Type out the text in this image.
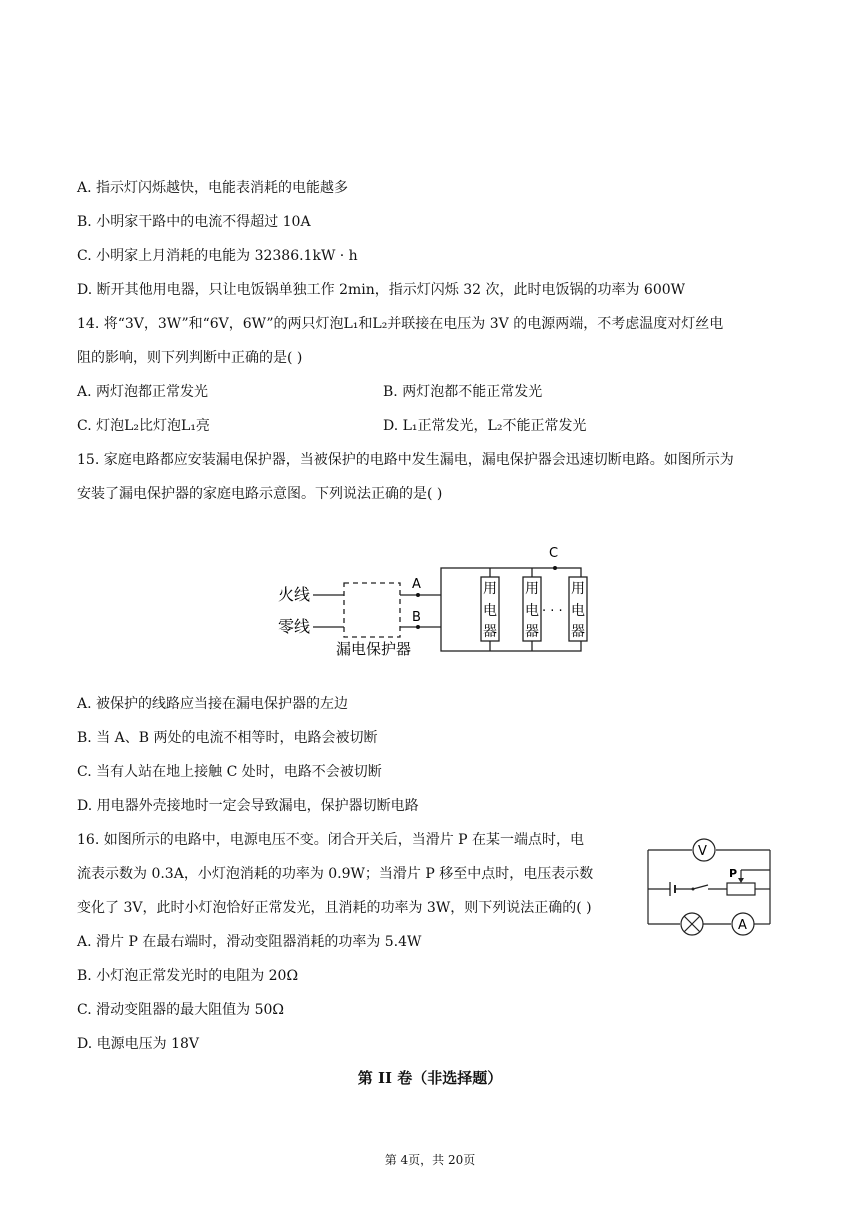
A. 指示灯闪烁越快，电能表消耗的电能越多
B. 小明家干路中的电流不得超过 10A
C. 小明家上月消耗的电能为 32386.1kW · h
D. 断开其他用电器，只让电饭锅单独工作 2min，指示灯闪烁 32 次，此时电饭锅的功率为 600W
14. 将“3V，3W”和“6V，6W”的两只灯泡L₁和L₂并联接在电压为 3V 的电源两端，不考虑温度对灯丝电
阻的影响，则下列判断中正确的是( )
A. 两灯泡都正常发光	B. 两灯泡都不能正常发光
C. 灯泡L₂比灯泡L₁亮	D. L₁正常发光，L₂不能正常发光
15. 家庭电路都应安装漏电保护器，当被保护的电路中发生漏电，漏电保护器会迅速切断电路。如图所示为
安装了漏电保护器的家庭电路示意图。下列说法正确的是( )
火线
零线
漏电保护器
A
B
C
用
电
器
用
电
器
· · ·
用
电
器
A. 被保护的线路应当接在漏电保护器的左边
B. 当 A、B 两处的电流不相等时，电路会被切断
C. 当有人站在地上接触 C 处时，电路不会被切断
D. 用电器外壳接地时一定会导致漏电，保护器切断电路
16. 如图所示的电路中，电源电压不变。闭合开关后，当滑片 P 在某一端点时，电
流表示数为 0.3A，小灯泡消耗的功率为 0.9W；当滑片 P 移至中点时，电压表示数
变化了 3V，此时小灯泡恰好正常发光，且消耗的功率为 3W，则下列说法正确的( )
V
P
A
A. 滑片 P 在最右端时，滑动变阻器消耗的功率为 5.4W
B. 小灯泡正常发光时的电阻为 20Ω
C. 滑动变阻器的最大阻值为 50Ω
D. 电源电压为 18V
第 II 卷（非选择题）
第 4页，共 20页
